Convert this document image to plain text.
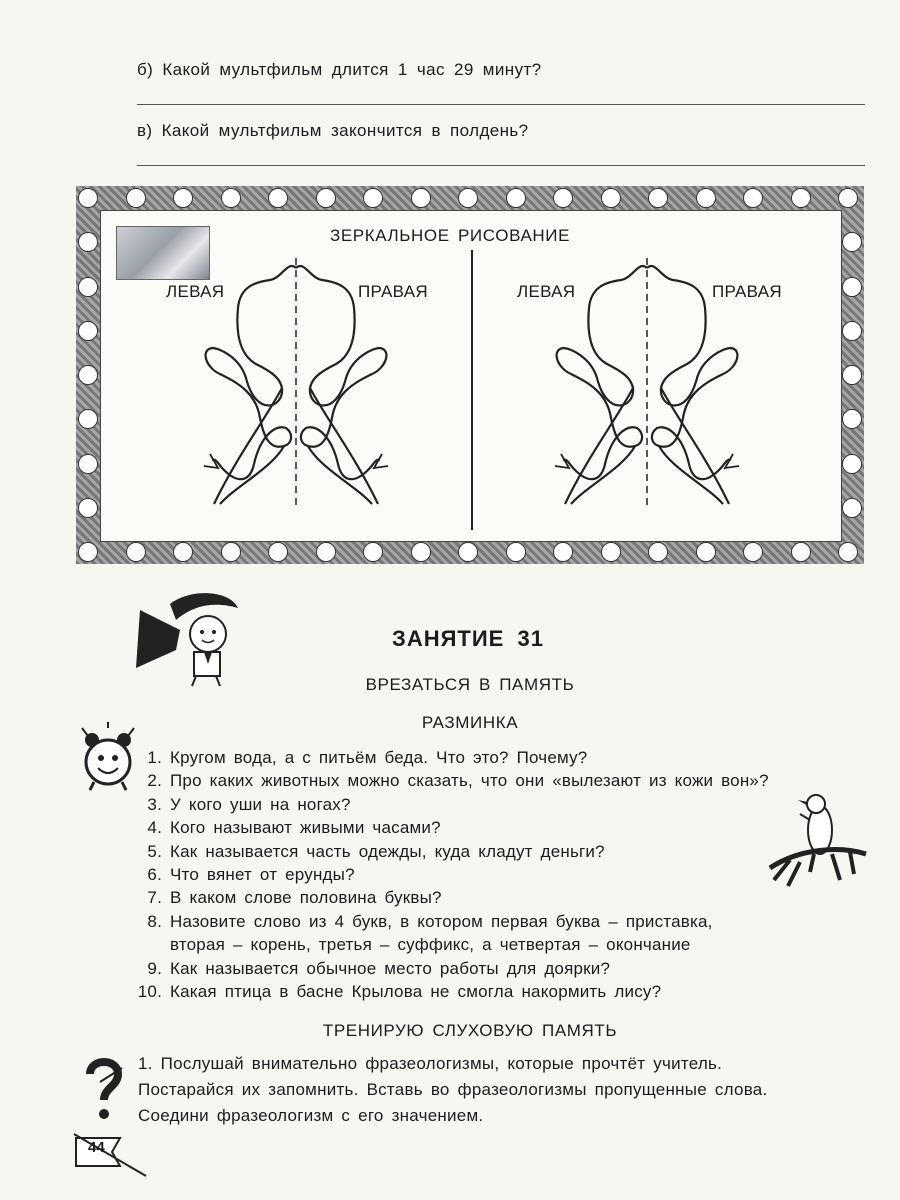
б) Какой мультфильм длится 1 час 29 минут?
в) Какой мультфильм закончится в полдень?
ЗЕРКАЛЬНОЕ РИСОВАНИЕ
ЛЕВАЯ	ПРАВАЯ	ЛЕВАЯ	ПРАВАЯ
ЗАНЯТИЕ 31
ВРЕЗАТЬСЯ В ПАМЯТЬ
РАЗМИНКА
1. Кругом вода, а с питьём беда. Что это? Почему?
2. Про каких животных можно сказать, что они «вылезают из кожи вон»?
3. У кого уши на ногах?
4. Кого называют живыми часами?
5. Как называется часть одежды, куда кладут деньги?
6. Что вянет от ерунды?
7. В каком слове половина буквы?
8. Назовите слово из 4 букв, в котором первая буква – приставка,
вторая – корень, третья – суффикс, а четвертая – окончание
9. Как называется обычное место работы для доярки?
10. Какая птица в басне Крылова не смогла накормить лису?
ТРЕНИРУЮ СЛУХОВУЮ ПАМЯТЬ
1. Послушай внимательно фразеологизмы, которые прочтёт учитель.
Постарайся их запомнить. Вставь во фразеологизмы пропущенные слова.
Соедини фразеологизм с его значением.
44
